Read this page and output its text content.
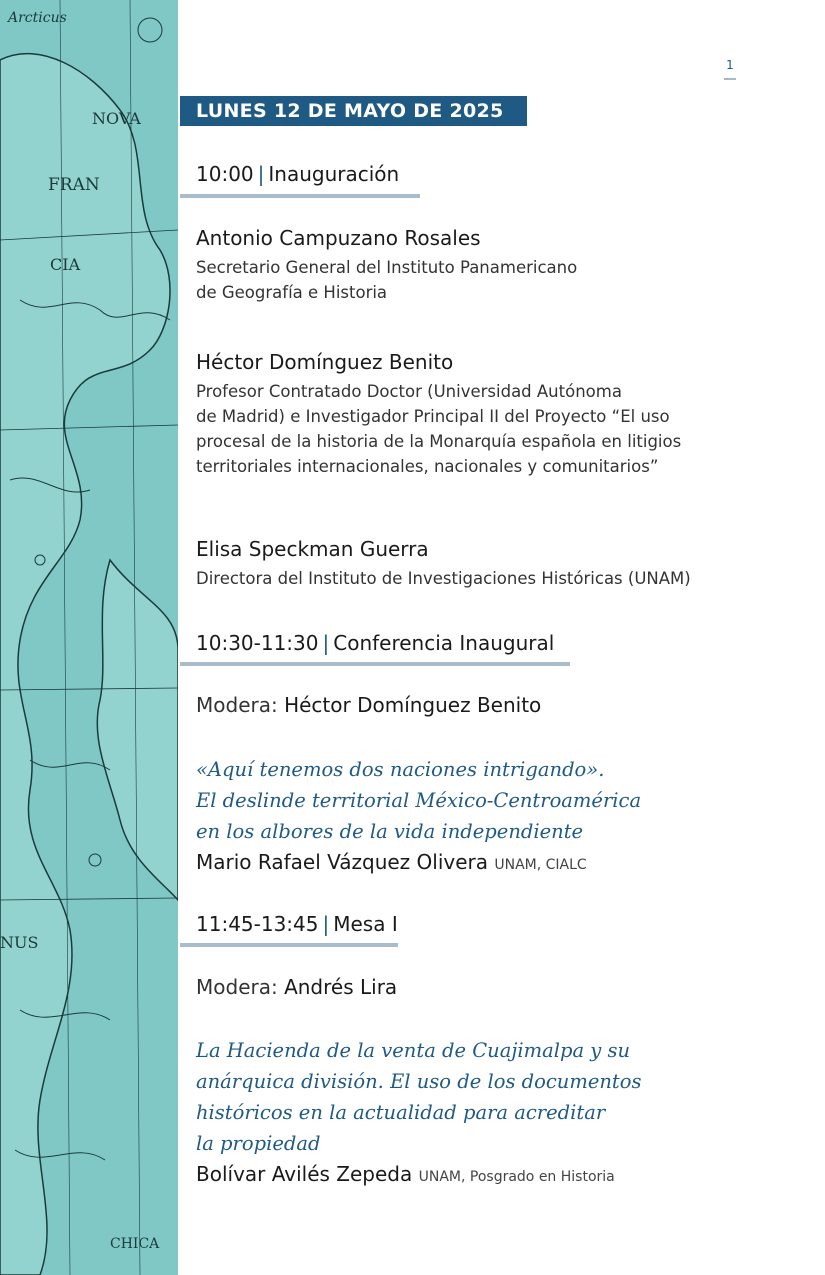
Arcticus
NOVA
FRAN
CIA
NUS
CHICA
1
LUNES 12 DE MAYO DE 2025
10:00 | Inauguración

Antonio Campuzano Rosales

Secretario General del Instituto Panamericano

de Geografía e Historia

Héctor Domínguez Benito

Profesor Contratado Doctor (Universidad Autónoma

de Madrid) e Investigador Principal II del Proyecto “El uso

procesal de la historia de la Monarquía española en litigios

territoriales internacionales, nacionales y comunitarios”

Elisa Speckman Guerra

Directora del Instituto de Investigaciones Históricas (UNAM)

10:30-11:30 | Conferencia Inaugural
Modera: Héctor Domínguez Benito

«Aquí tenemos dos naciones intrigando».

El deslinde territorial México-Centroamérica

en los albores de la vida independiente

Mario Rafael Vázquez Olivera UNAM, CIALC

11:45-13:45 | Mesa I
Modera: Andrés Lira

La Hacienda de la venta de Cuajimalpa y su

anárquica división. El uso de los documentos

históricos en la actualidad para acreditar

la propiedad

Bolívar Avilés Zepeda UNAM, Posgrado en Historia
